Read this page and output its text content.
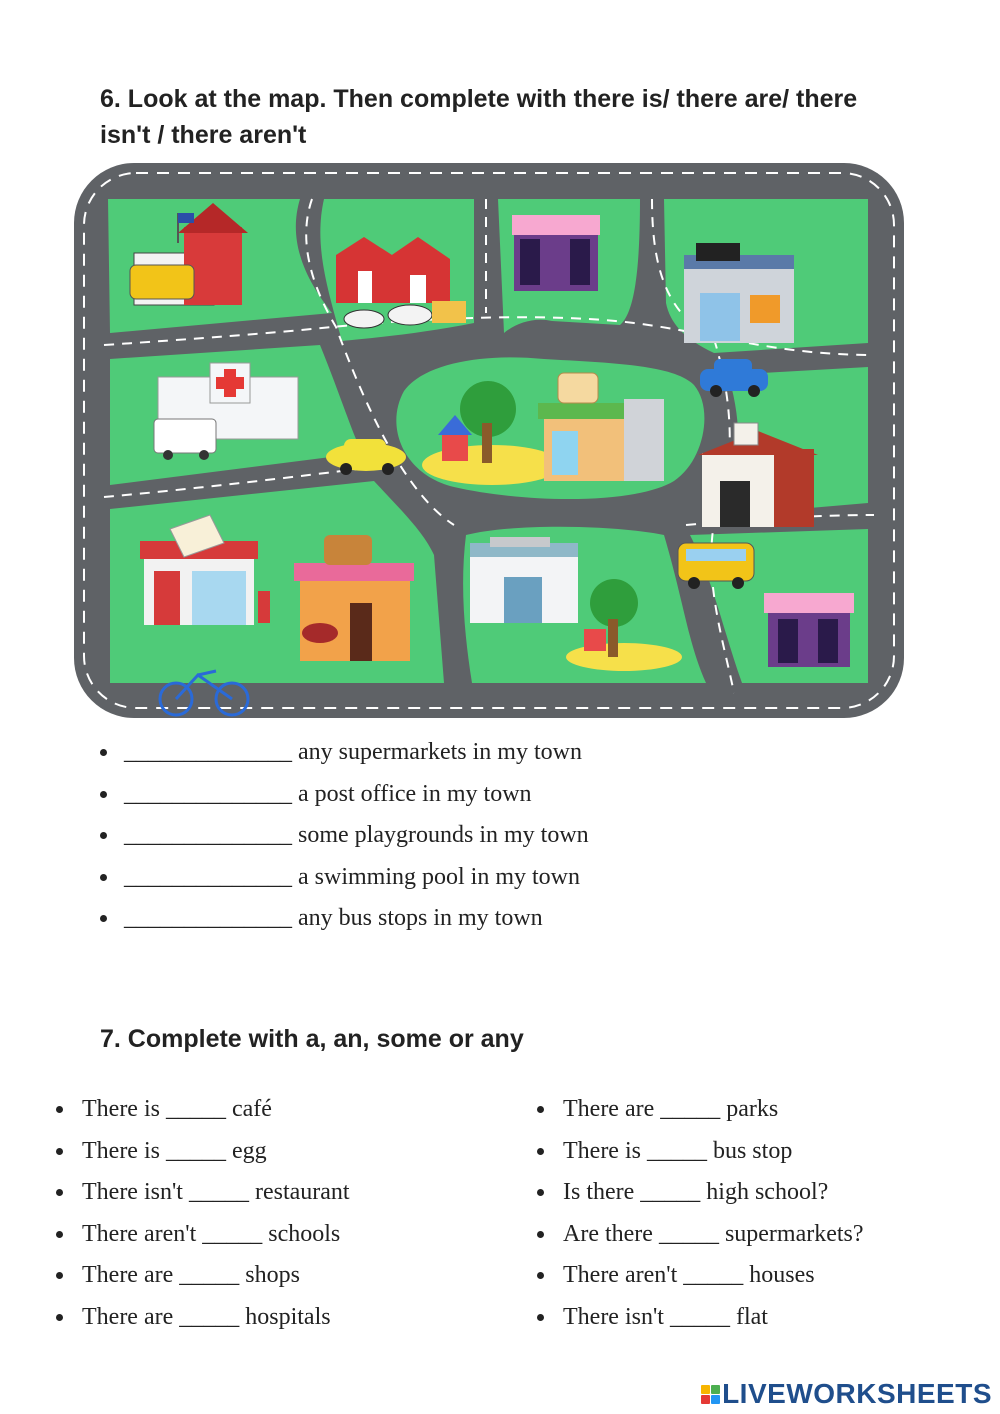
6. Look at the map. Then complete with there is/ there are/ there isn't / there aren't
______________ any supermarkets in my town
______________ a post office in my town
______________ some playgrounds in my town
______________ a swimming pool in my town
______________ any bus stops in my town
7. Complete with a, an, some or any
There is _____ café
There is _____ egg
There isn't _____ restaurant
There aren't _____ schools
There are _____ shops
There are _____ hospitals
There are _____ parks
There is _____ bus stop
Is there _____ high school?
Are there _____ supermarkets?
There aren't _____ houses
There isn't _____ flat
LIVEWORKSHEETS
